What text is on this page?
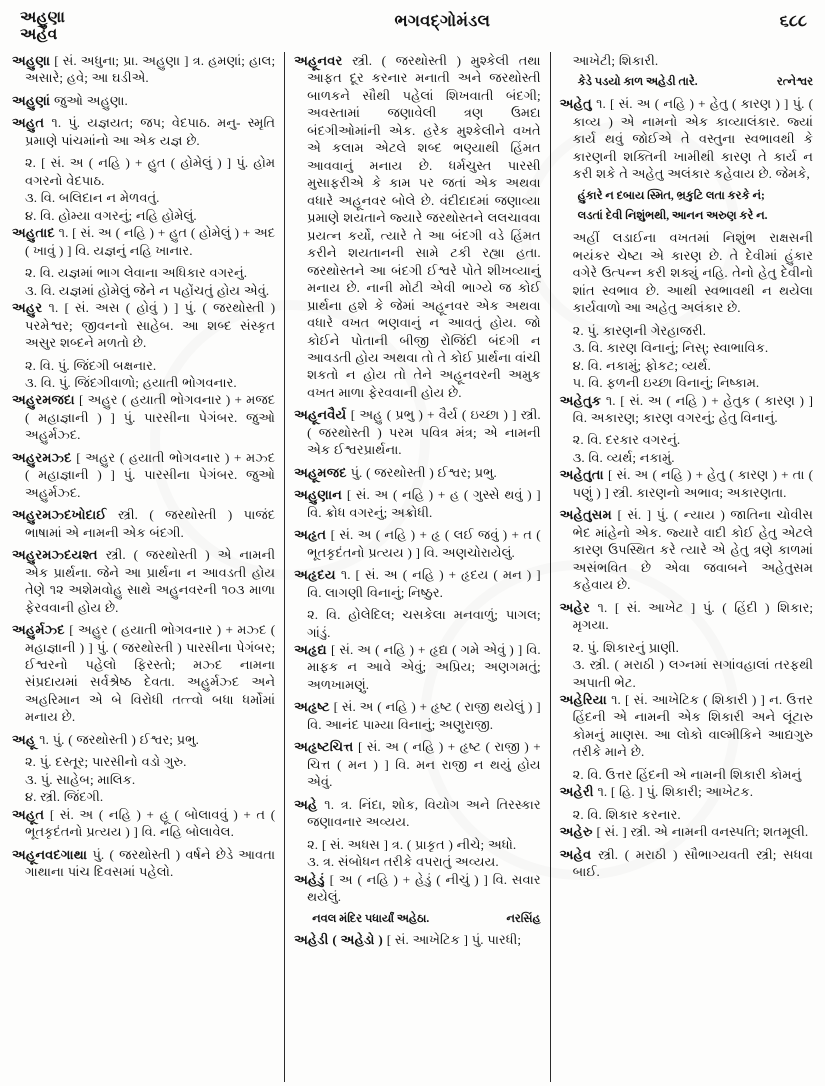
અહુણા
અહેવ
ભગવદ્ગોમંડલ	૬૮૮

અહુણા [ સં. અધુના; પ્રા. અહુણા ] ત્ર. હમણાં; હાલ; અસારે; હવે; આ ઘડીએ.

અહુણાં જુઓ અહુણા.

અહુત ૧. પું. યજ્ઞયત; જપ; વેદપાઠ. મનુ- સ્મૃતિ પ્રમાણે પાંચમાંનો આ એક યજ્ઞ છે.

૨. [ સં. અ ( નહિ ) + હુત ( હોમેલું ) ] પું. હોમ વગરનો વેદપાઠ.

૩. વિ. બલિદાન ન મેળવતું.

૪. વિ. હોમ્યા વગરનું; નહિ હોમેલું.

અહુતાદ ૧. [ સં. અ ( નહિ ) + હુત ( હોમેલું ) + અદ ( ખાવું ) ] વિ. યજ્ઞનું નહિ ખાનાર.

૨. વિ. યજ્ઞમાં ભાગ લેવાના અધિકાર વગરનું.

૩. વિ. યજ્ઞમાં હોમેલું જેને ન પહોંચતું હોય એવું.

અહુર ૧. [ સં. અસ ( હોવું ) ] પું. ( જરથોસ્તી ) પરમેશ્વર; જીવનનો સાહેબ. આ શબ્દ સંસ્કૃત અસુર શબ્દને મળતો છે.

૨. વિ. પું. જિંદગી બક્ષનાર.

૩. વિ. પું. જિંદગીવાળો; હયાતી ભોગવનાર.

અહુરમજદા [ અહુર ( હયાતી ભોગવનાર ) + મજદ ( મહાજ્ઞાની ) ] પું. પારસીના પેગંબર. જુઓ અહુર્મઝ્દ.

અહુરમઝ્દ [ અહુર ( હયાતી ભોગવનાર ) + મઝ્દ ( મહાજ્ઞાની ) ] પું. પારસીના પેગંબર. જુઓ અહુર્મઝ્દ.

અહુરમઝ્દખોદાઈ સ્ત્રી. ( જરથોસ્તી ) પાજંદ ભાષામાં એ નામની એક બંદગી.

અહુરમઝ્દયશ્ત સ્ત્રી. ( જરથોસ્તી ) એ નામની એક પ્રાર્થના. જેને આ પ્રાર્થના ન આવડતી હોય તેણે ૧૨ અશેમવોહુ સાથે અહુનવરની ૧૦૩ માળા ફેરવવાની હોય છે.

અહુર્મઝ્દ [ અહુર ( હયાતી ભોગવનાર ) + મઝ્દ ( મહાજ્ઞાની ) ] પું. ( જરથોસ્તી ) પારસીના પેગંબર; ઈશ્વરનો પહેલો ફિરસ્તો; મઝ્દ નામના સંપ્રદાયમાં સર્વશ્રેષ્ઠ દેવતા. અહુર્મઝ્દ અને અહરિમાન એ બે વિરોધી તત્ત્વો બધા ધર્મોમાં મનાય છે.

અહૂ ૧. પું. ( જરથોસ્તી ) ઈશ્વર; પ્રભુ.

૨. પું. દસ્તૂર; પારસીનો વડો ગુરુ.

૩. પું. સાહેબ; માલિક.

૪. સ્ત્રી. જિંદગી.

અહૂત [ સં. અ ( નહિ ) + હૂ ( બોલાવવું ) + ત ( ભૂતકૃદંતનો પ્રત્યય ) ] વિ. નહિ બોલાવેલ.

અહૂનવદગાથા પું. ( જરથોસ્તી ) વર્ષને છેડે આવતા ગાથાના પાંચ દિવસમાં પહેલો.

અહૂનવર સ્ત્રી. ( જરથોસ્તી ) મુશ્કેલી તથા આફત દૂર કરનાર મનાતી અને જરથોસ્તી બાળકને સૌથી પહેલાં શિખવાતી બંદગી; અવસ્તામાં જણાવેલી ત્રણ ઉમદા બંદગીઓમાંની એક. હરેક મુશ્કેલીને વખતે એ કલામ એટલે શબ્દ ભણ્યાથી હિંમત આવવાનું મનાય છે. ધર્મચુસ્ત પારસી મુસાફરીએ કે કામ પર જતાં એક અથવા વધારે અહૂનવર બોલે છે. વંદીદાદમાં જણાવ્યા પ્રમાણે શયતાને જ્યારે જરથોસ્તને લલચાવવા પ્રયત્ન કર્યો, ત્યારે તે આ બંદગી વડે હિંમત કરીને શયતાનની સામે ટકી રહ્યા હતા. જરથોસ્તને આ બંદગી ઈશ્વરે પોતે શીખવ્યાનું મનાય છે. નાની મોટી એવી ભાગ્યે જ કોઈ પ્રાર્થના હશે કે જેમાં અહૂનવર એક અથવા વધારે વખત ભણવાનું ન આવતું હોય. જો કોઈને પોતાની બીજી રોજિંદી બંદગી ન આવડતી હોય અથવા તો તે કોઈ પ્રાર્થના વાંચી શકતો ન હોય તો તેને અહૂનવરની અમુક વખત માળા ફેરવવાની હોય છે.

અહૂનવૈર્ય [ અહુ ( પ્રભુ ) + વૈર્ય ( ઇચ્છા ) ] સ્ત્રી. ( જરથોસ્તી ) પરમ પવિત્ર મંત્ર; એ નામની એક ઈશ્વરપ્રાર્થના.

અહૂમજદ પું. ( જરથોસ્તી ) ઈશ્વર; પ્રભુ.

અહુણાન [ સં. અ ( નહિ ) + હ ( ગુસ્સે થવું ) ] વિ. ક્રોધ વગરનું; અક્રોધી.

અહૃત [ સં. અ ( નહિ ) + હૃ ( લઈ જવું ) + ત ( ભૂતકૃદંતનો પ્રત્યય ) ] વિ. અણચોરાયેલું.

અહૃદય ૧. [ સં. અ ( નહિ ) + હૃદય ( મન ) ] વિ. લાગણી વિનાનું; નિષ્ઠુર.

૨. વિ. હોલેદિલ; ચસકેલા મનવાળું; પાગલ; ગાંડું.

અહૃદ્ય [ સં. અ ( નહિ ) + હૃદ્ય ( ગમે એવું ) ] વિ. માફક ન આવે એવું; અપ્રિય; અણગમતું; અળખામણું.

અહૃષ્ટ [ સં. અ ( નહિ ) + હૃષ્ટ ( રાજી થયેલું ) ] વિ. આનંદ પામ્યા વિનાનું; અણુરાજી.

અહૃષ્ટચિત્ત [ સં. અ ( નહિ ) + હૃષ્ટ ( રાજી ) + ચિત્ત ( મન ) ] વિ. મન રાજી ન થયું હોય એવું.

અહે ૧. ત્ર. નિંદા, શોક, વિયોગ અને તિરસ્કાર જણાવનાર અવ્યય.

૨. [ સં. અધસ ] ત્ર. ( પ્રાકૃત ) નીચે; અધો.

૩. ત્ર. સંબોધન તરીકે વપરાતું અવ્યય.

અહેડું [ અ ( નહિ ) + હેડું ( નીચું ) ] વિ. સવાર થયેલું.

નવલ મંદિર પધાર્યાં અહેઠા.	નરસિંહ

અહેડી ( અહેડો ) [ સં. આખેટિક ] પું. પારધી;

આખેટી; શિકારી.

કેડે પડયો કાળ અહેડી તારે.	રત્નેશ્વર

અહેતુ ૧. [ સં. અ ( નહિ ) + હેતુ ( કારણ ) ] પું. ( કાવ્ય ) એ નામનો એક કાવ્યાલંકાર. જ્યાં કાર્ય થવું જોઈએ તે વસ્તુના સ્વભાવથી કે કારણની શક્તિની ખામીથી કારણ તે કાર્ય ન કરી શકે તે અહેતુ અલંકાર કહેવાય છે. જેમકે,

હુંકારે ન દબાય સ્મિત, ભ્રકુટિ લતા કરકે નં;
લડતાં દેવી નિશુંભથી, આનન અરુણ કરે ન.

અહીં લડાઈના વખતમાં નિશુંભ રાક્ષસની ભયંકર ચેષ્ટા એ કારણ છે. તે દેવીમાં હુંકાર વગેરે ઉત્પન્ન કરી શક્યું નહિ. તેનો હેતુ દેવીનો શાંત સ્વભાવ છે. આથી સ્વભાવથી ન થયેલા કાર્યવાળો આ અહેતુ અલંકાર છે.

૨. પું. કારણની ગેરહાજરી.

૩. વિ. કારણ વિનાનું; નિસ્; સ્વાભાવિક.

૪. વિ. નકામું; ફોકટ; વ્યર્થ.

૫. વિ. ફળની ઇચ્છા વિનાનું; નિષ્કામ.

અહેતુક ૧. [ સં. અ ( નહિ ) + હેતુક ( કારણ ) ] વિ. અકારણ; કારણ વગરનું; હેતુ વિનાનું.

૨. વિ. દરકાર વગરનું.

૩. વિ. વ્યર્થ; નકામું.

અહેતુતા [ સં. અ ( નહિ ) + હેતુ ( કારણ ) + તા ( પણું ) ] સ્ત્રી. કારણનો અભાવ; અકારણતા.

અહેતુસમ [ સં. ] પું. ( ન્યાય ) જાતિના ચોવીસ ભેદ માંહેનો એક. જ્યારે વાદી કોઈ હેતુ એટલે કારણ ઉપસ્થિત કરે ત્યારે એ હેતુ ત્રણે કાળમાં અસંભવિત છે એવા જવાબને અહેતુસમ કહેવાય છે.

અહેર ૧. [ સં. આખેટ ] પું. ( હિંદી ) શિકાર; મૃગયા.

૨. પું. શિકારનું પ્રાણી.

૩. સ્ત્રી. ( મરાઠી ) લગ્નમાં સગાંવહાલાં તરફથી અપાતી ભેટ.

અહેરિયા ૧. [ સં. આખેટિક ( શિકારી ) ] ન. ઉત્તર હિંદની એ નામની એક શિકારી અને લૂંટારુ કોમનું માણસ. આ લોકો વાલ્મીકિને આદ્યગુરુ તરીકે માને છે.

૨. વિ. ઉત્તર હિંદની એ નામની શિકારી કોમનું

અહેરી ૧. [ હિ. ] પું. શિકારી; આખેટક.

૨. વિ. શિકાર કરનાર.

અહેરુ [ સં. ] સ્ત્રી. એ નામની વનસ્પતિ; શતમૂલી.

અહેવ સ્ત્રી. ( મરાઠી ) સૌભાગ્યવતી સ્ત્રી; સધવા બાઈ.
